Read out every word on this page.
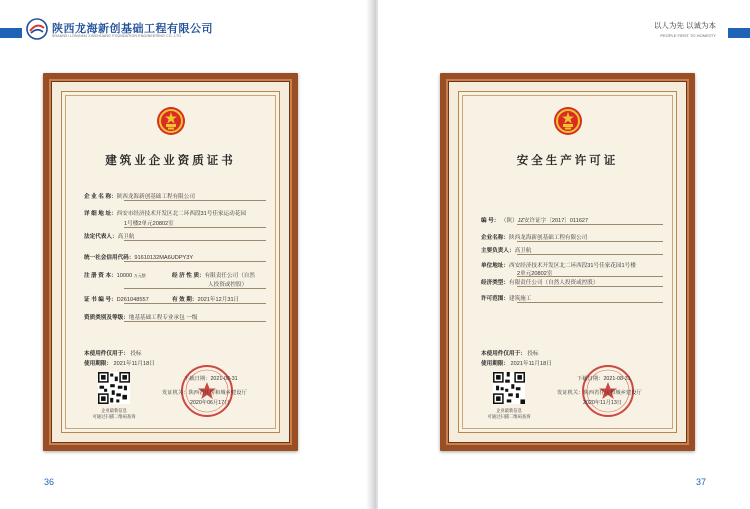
陕西龙海新创基础工程有限公司
SHAANXI LONGHAI XINCHUANG FOUNDATION ENGINEERING CO.,LTD.
建筑业企业资质证书
企 业 名 称：陕西龙海新创基础工程有限公司
详 细 地 址：西安市经济技术开发区北二环西段31号佳家运动花园
1号楼2单元20802室
法定代表人：高卫航
统一社会信用代码：91610132MA6UDPY3Y
注 册 资 本：10000 万元整	经 济 性 质：有限责任公司（自然
人投资或控股）
证 书 编 号：D261048557	有 效 期：2021年12月31日
资质类别及等级：地基基础工程专业承包 一级
本使用件仅用于： 投标
使用期限： 2021年11月18日
企业最新信息
可通过扫描二维码查询
下载日期：2021-08-31
发证机关：陕西省住房和城乡建设厅
2020年06月17日
36
以人为先 以诚为本
PEOPLE FIRST TO HONESTY
安全生产许可证
编 号： （陕）JZ安许证字〔2017〕011627
企业名称：陕西龙海新创基础工程有限公司
主要负责人：高卫航
单位地址：西安经济技术开发区北二环西段31号佳家花园1号楼
2单元20802室
经济类型：有限责任公司（自然人投资或控股）
许可范围：建筑施工
本使用件仅用于： 投标
使用期限： 2021年11月18日
企业最新信息
可通过扫描二维码查询
下载日期：2021-08-31
发证机关：陕西省住房和城乡建设厅
2020年11月13日
37
